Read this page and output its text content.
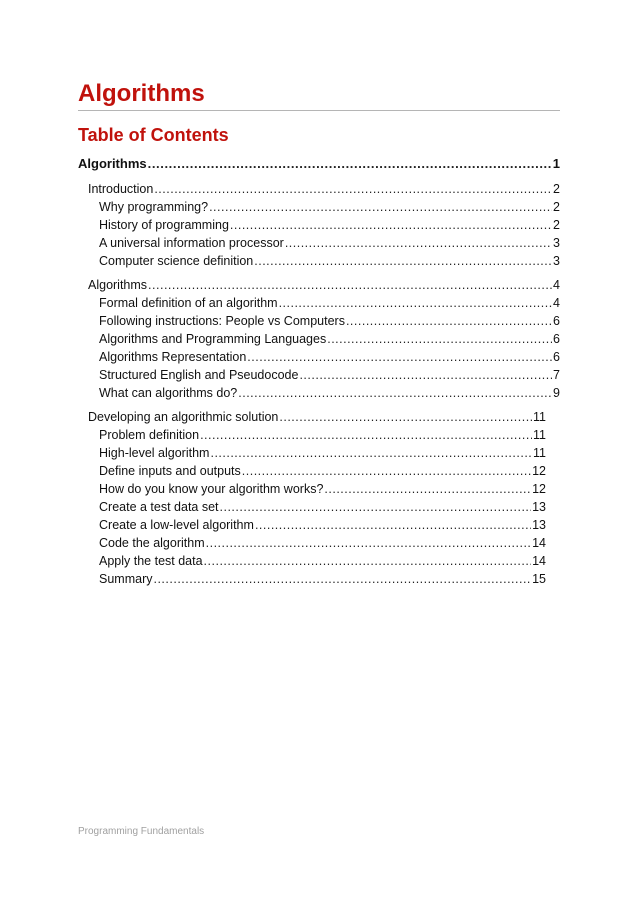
Algorithms
Table of Contents
Algorithms .....	1
Introduction .....	2
Why programming? .....	2
History of programming .....	2
A universal information processor .....	3
Computer science definition .....	3
Algorithms .....	4
Formal definition of an algorithm .....	4
Following instructions: People vs Computers .....	6
Algorithms and Programming Languages .....	6
Algorithms Representation .....	6
Structured English and Pseudocode .....	7
What can algorithms do? .....	9
Developing an algorithmic solution .....	11
Problem definition .....	11
High-level algorithm .....	11
Define inputs and outputs .....	12
How do you know your algorithm works? .....	12
Create a test data set .....	13
Create a low-level algorithm .....	13
Code the algorithm .....	14
Apply the test data .....	14
Summary .....	15
Programming Fundamentals
